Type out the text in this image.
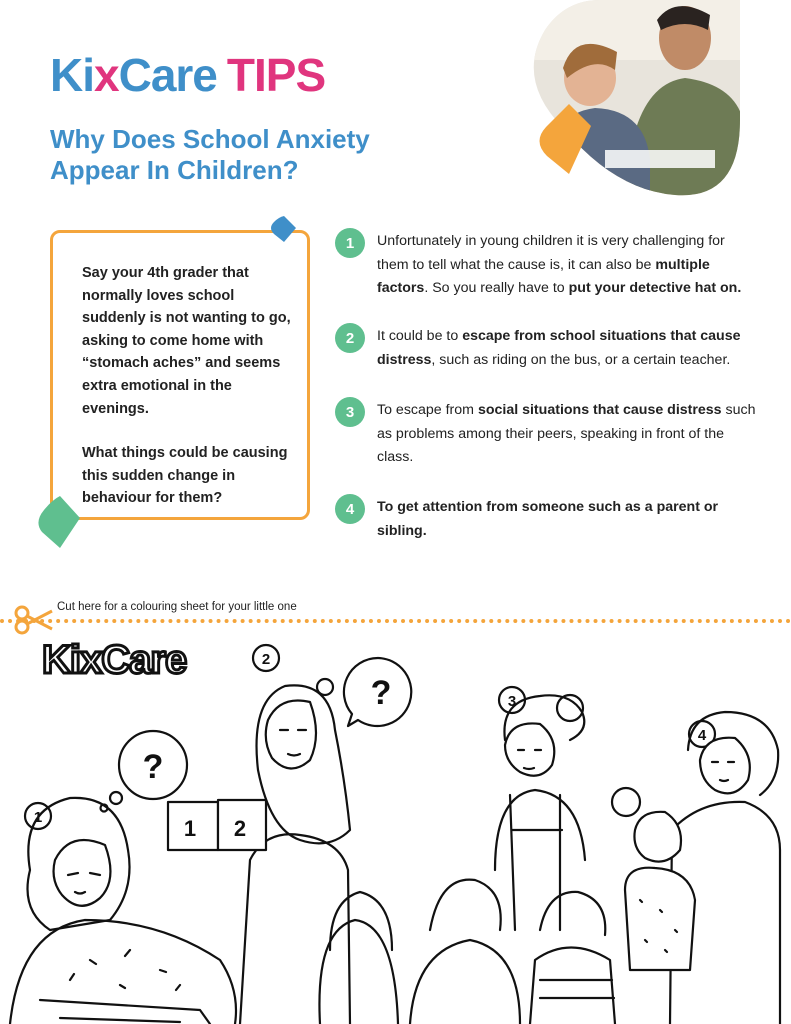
KixCare TIPS
Why Does School Anxiety Appear In Children?

Say your 4th grader that normally loves school suddenly is not wanting to go, asking to come home with “stomach aches” and seems extra emotional in the evenings.

What things could be causing this sudden change in behaviour for them?

1	Unfortunately in young children it is very challenging for them to tell what the cause is, it can also be multiple factors. So you really have to put your detective hat on.
2	It could be to escape from school situations that cause distress, such as riding on the bus, or a certain teacher.
3	To escape from social situations that cause distress such as problems among their peers, speaking in front of the class.
4	To get attention from someone such as a parent or sibling.
Cut here for a colouring sheet for your little one
KixCare
1
2
3
4
?
?
1 2
